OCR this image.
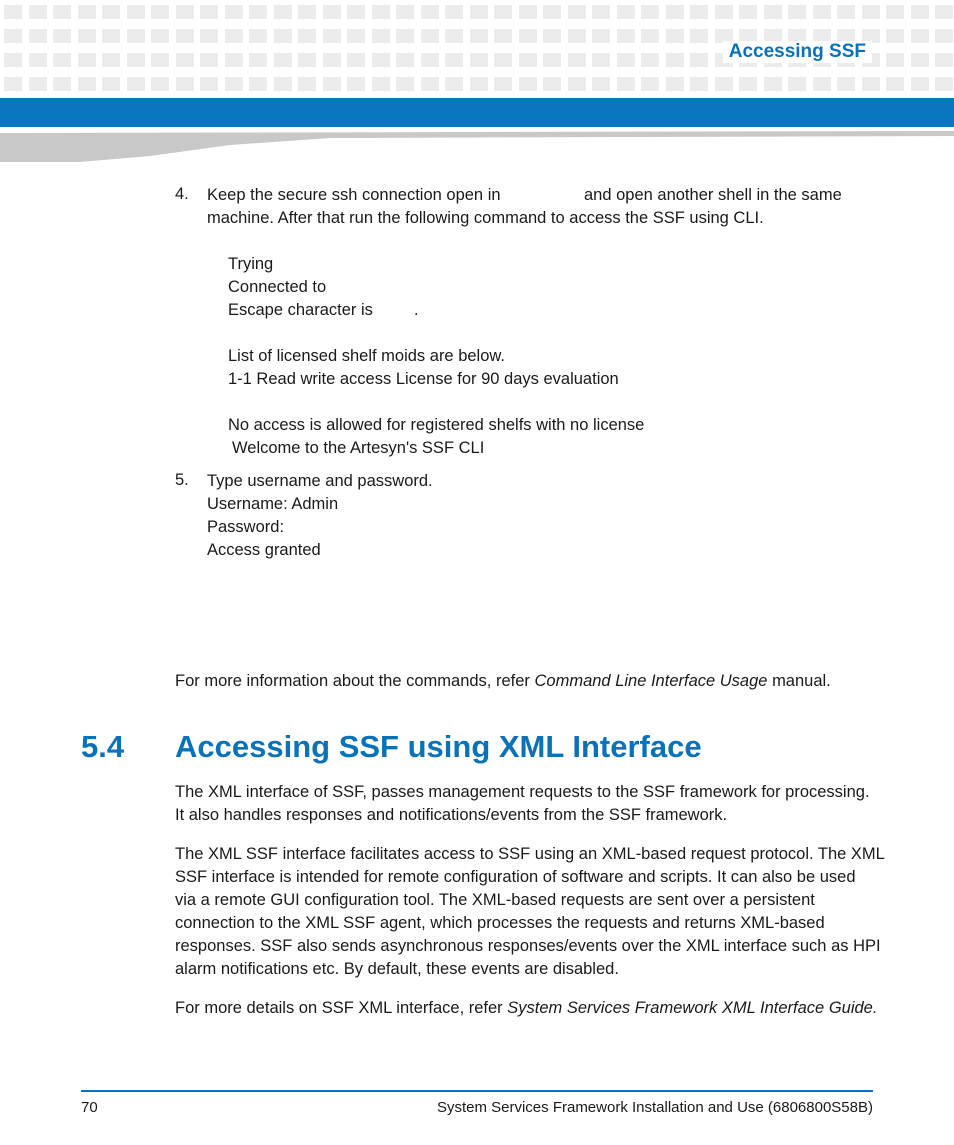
Accessing SSF
4. Keep the secure ssh connection open in	and open another shell in the same
machine. After that run the following command to access the SSF using CLI.
Trying
Connected to
Escape character is .
List of licensed shelf moids are below.
1-1 Read write access License for 90 days evaluation
No access is allowed for registered shelfs with no license
Welcome to the Artesyn's SSF CLI
5. Type username and password.
Username: Admin
Password:
Access granted
For more information about the commands, refer Command Line Interface Usage manual.
5.4 Accessing SSF using XML Interface
The XML interface of SSF, passes management requests to the SSF framework for processing.
It also handles responses and notifications/events from the SSF framework.
The XML SSF interface facilitates access to SSF using an XML-based request protocol. The XML
SSF interface is intended for remote configuration of software and scripts. It can also be used
via a remote GUI configuration tool. The XML-based requests are sent over a persistent
connection to the XML SSF agent, which processes the requests and returns XML-based
responses. SSF also sends asynchronous responses/events over the XML interface such as HPI
alarm notifications etc. By default, these events are disabled.
For more details on SSF XML interface, refer System Services Framework XML Interface Guide.
70	System Services Framework Installation and Use (6806800S58B)
